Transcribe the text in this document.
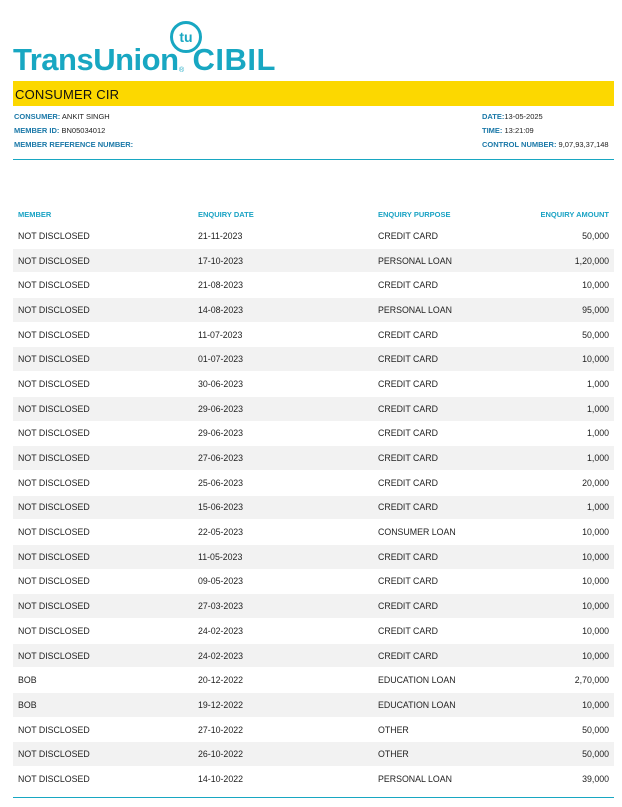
TransUnion CIBIL
tu
®
CONSUMER CIR
CONSUMER: ANKIT SINGH
MEMBER ID: BN05034012
MEMBER REFERENCE NUMBER:
DATE:13-05-2025
TIME: 13:21:09
CONTROL NUMBER: 9,07,93,37,148
MEMBER	ENQUIRY DATE	ENQUIRY PURPOSE	ENQUIRY AMOUNT
NOT DISCLOSED	21-11-2023	CREDIT CARD	50,000
NOT DISCLOSED	17-10-2023	PERSONAL LOAN	1,20,000
NOT DISCLOSED	21-08-2023	CREDIT CARD	10,000
NOT DISCLOSED	14-08-2023	PERSONAL LOAN	95,000
NOT DISCLOSED	11-07-2023	CREDIT CARD	50,000
NOT DISCLOSED	01-07-2023	CREDIT CARD	10,000
NOT DISCLOSED	30-06-2023	CREDIT CARD	1,000
NOT DISCLOSED	29-06-2023	CREDIT CARD	1,000
NOT DISCLOSED	29-06-2023	CREDIT CARD	1,000
NOT DISCLOSED	27-06-2023	CREDIT CARD	1,000
NOT DISCLOSED	25-06-2023	CREDIT CARD	20,000
NOT DISCLOSED	15-06-2023	CREDIT CARD	1,000
NOT DISCLOSED	22-05-2023	CONSUMER LOAN	10,000
NOT DISCLOSED	11-05-2023	CREDIT CARD	10,000
NOT DISCLOSED	09-05-2023	CREDIT CARD	10,000
NOT DISCLOSED	27-03-2023	CREDIT CARD	10,000
NOT DISCLOSED	24-02-2023	CREDIT CARD	10,000
NOT DISCLOSED	24-02-2023	CREDIT CARD	10,000
BOB	20-12-2022	EDUCATION LOAN	2,70,000
BOB	19-12-2022	EDUCATION LOAN	10,000
NOT DISCLOSED	27-10-2022	OTHER	50,000
NOT DISCLOSED	26-10-2022	OTHER	50,000
NOT DISCLOSED	14-10-2022	PERSONAL LOAN	39,000
